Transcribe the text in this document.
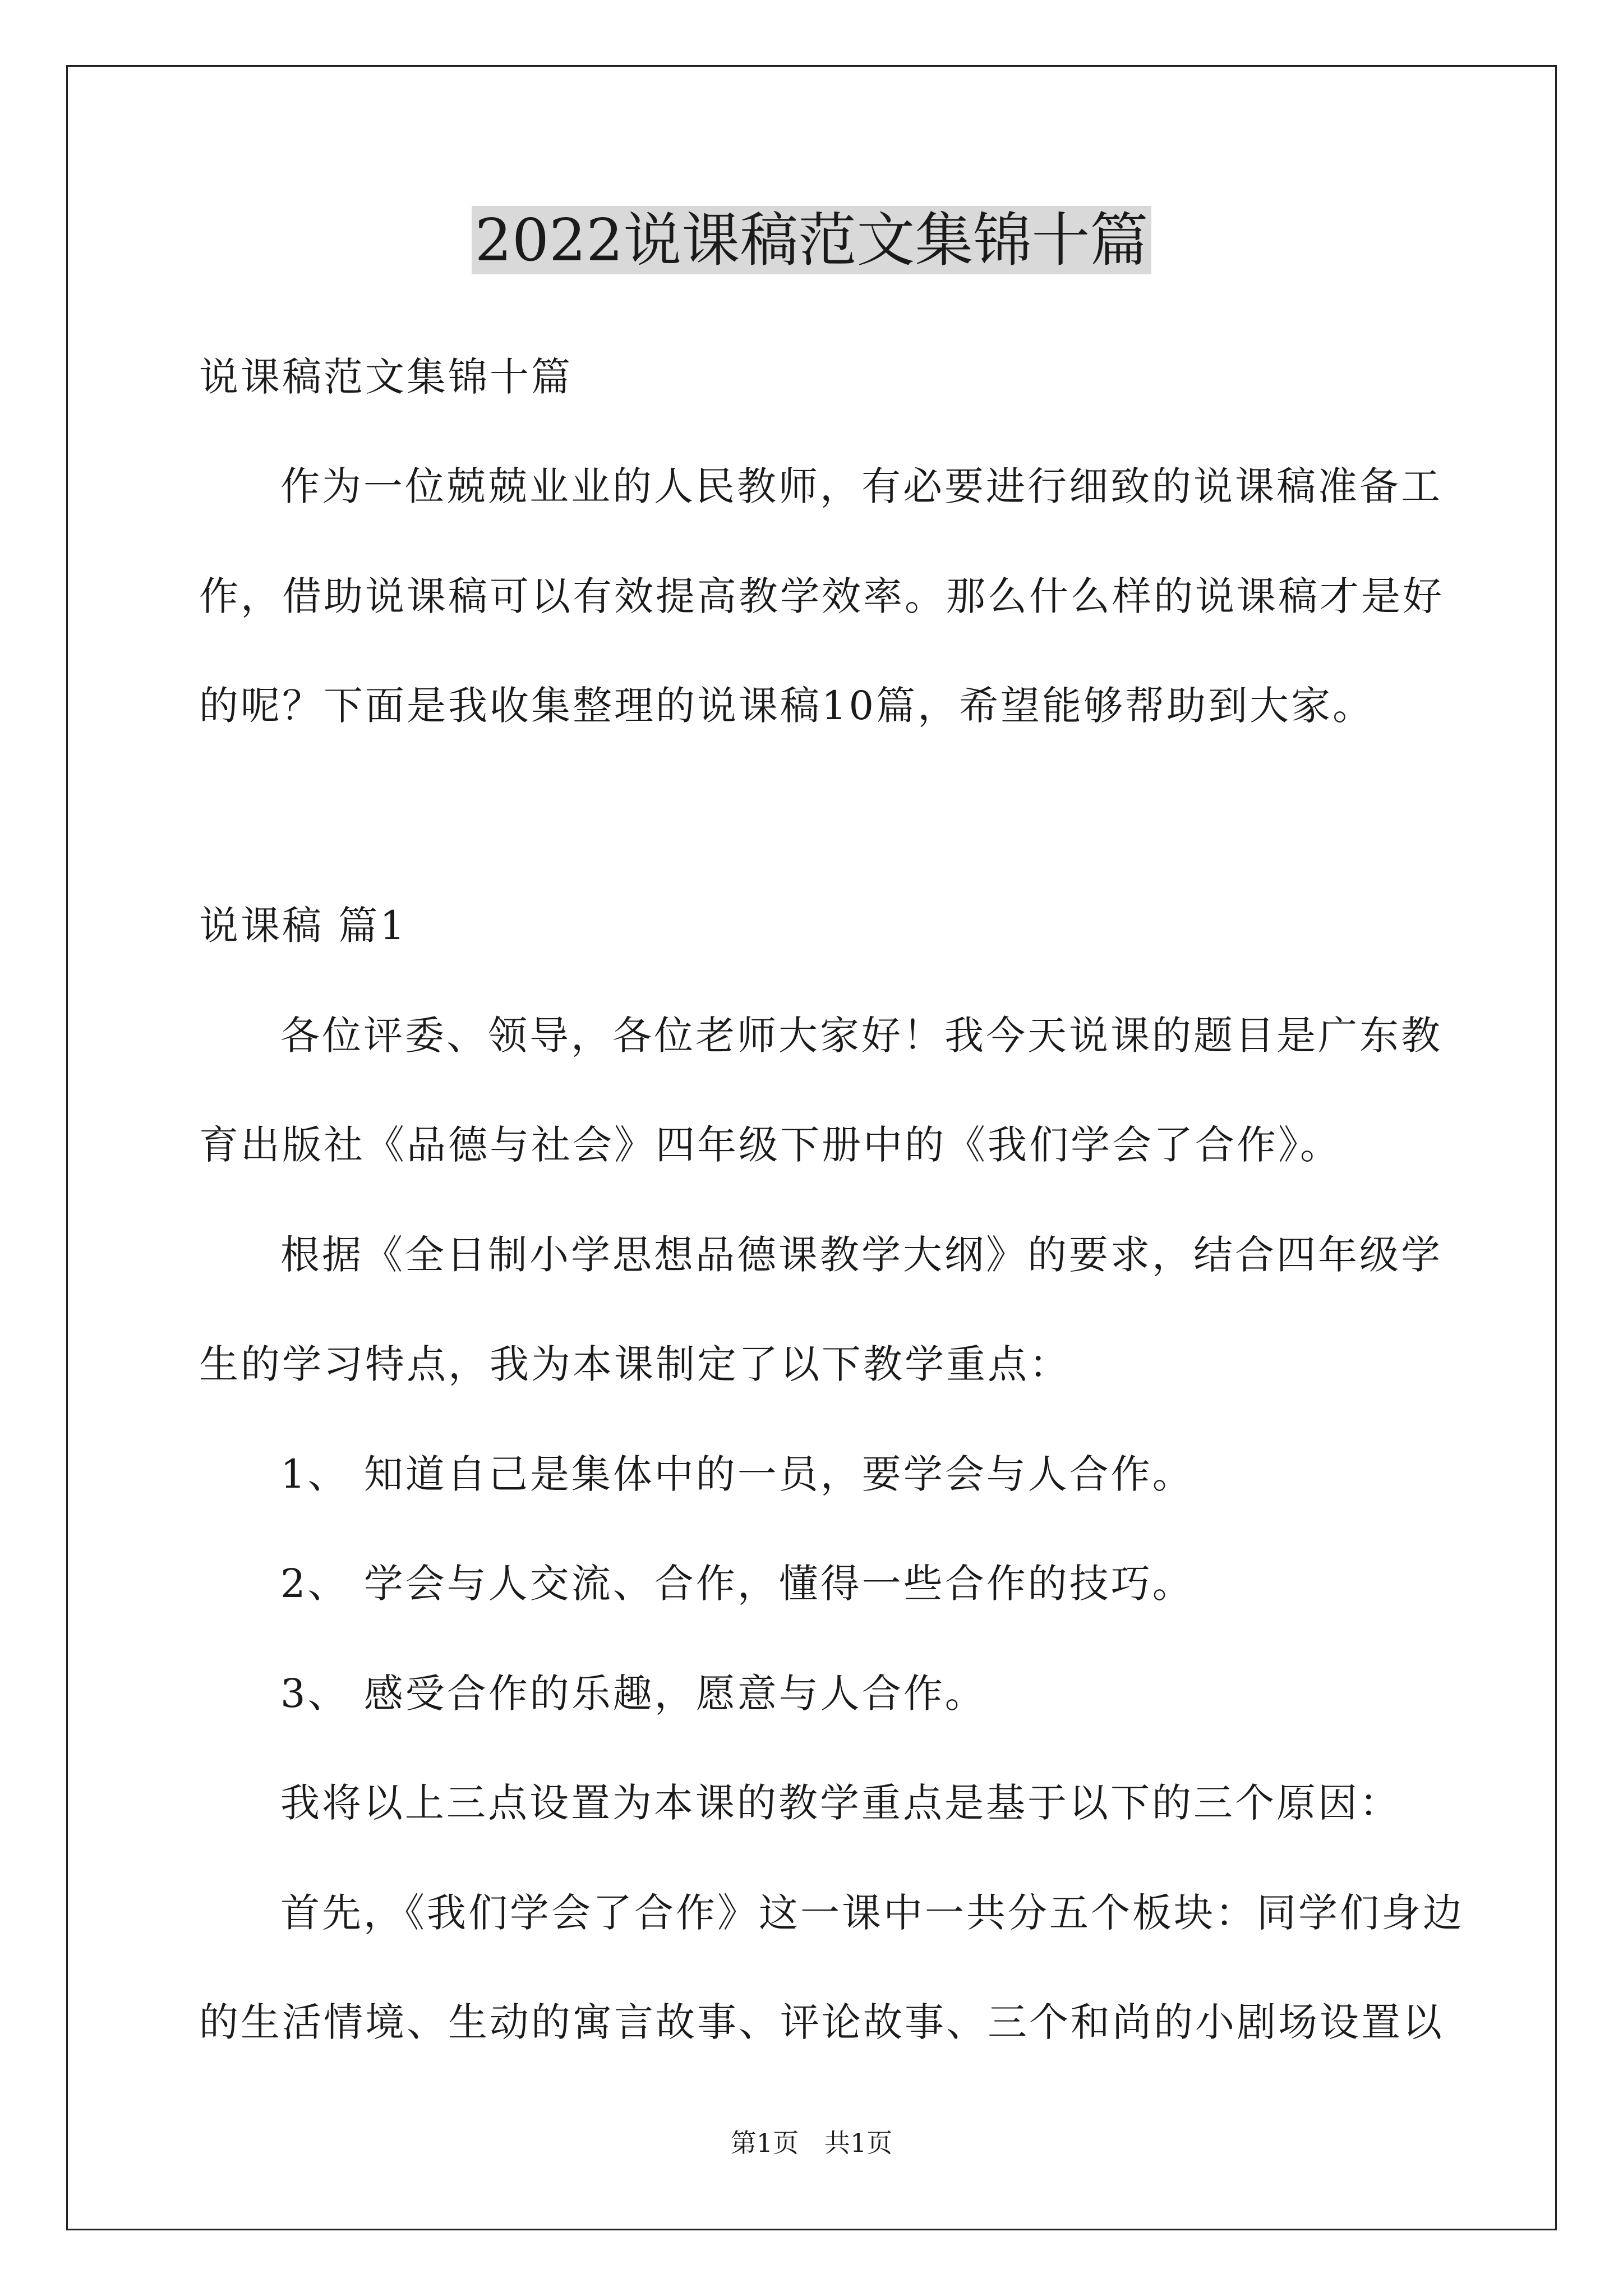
2022说课稿范文集锦十篇
说课稿范文集锦十篇
作为一位兢兢业业的人民教师，有必要进行细致的说课稿准备工
作，借助说课稿可以有效提高教学效率。那么什么样的说课稿才是好
的呢？下面是我收集整理的说课稿10篇，希望能够帮助到大家。
说课稿 篇1
各位评委、领导，各位老师大家好！我今天说课的题目是广东教
育出版社《品德与社会》四年级下册中的《我们学会了合作》。
根据《全日制小学思想品德课教学大纲》的要求，结合四年级学
生的学习特点，我为本课制定了以下教学重点：
1、 知道自己是集体中的一员，要学会与人合作。
2、 学会与人交流、合作，懂得一些合作的技巧。
3、 感受合作的乐趣，愿意与人合作。
我将以上三点设置为本课的教学重点是基于以下的三个原因：
首先，《我们学会了合作》这一课中一共分五个板块：同学们身边
的生活情境、生动的寓言故事、评论故事、三个和尚的小剧场设置以
第1页　共1页
